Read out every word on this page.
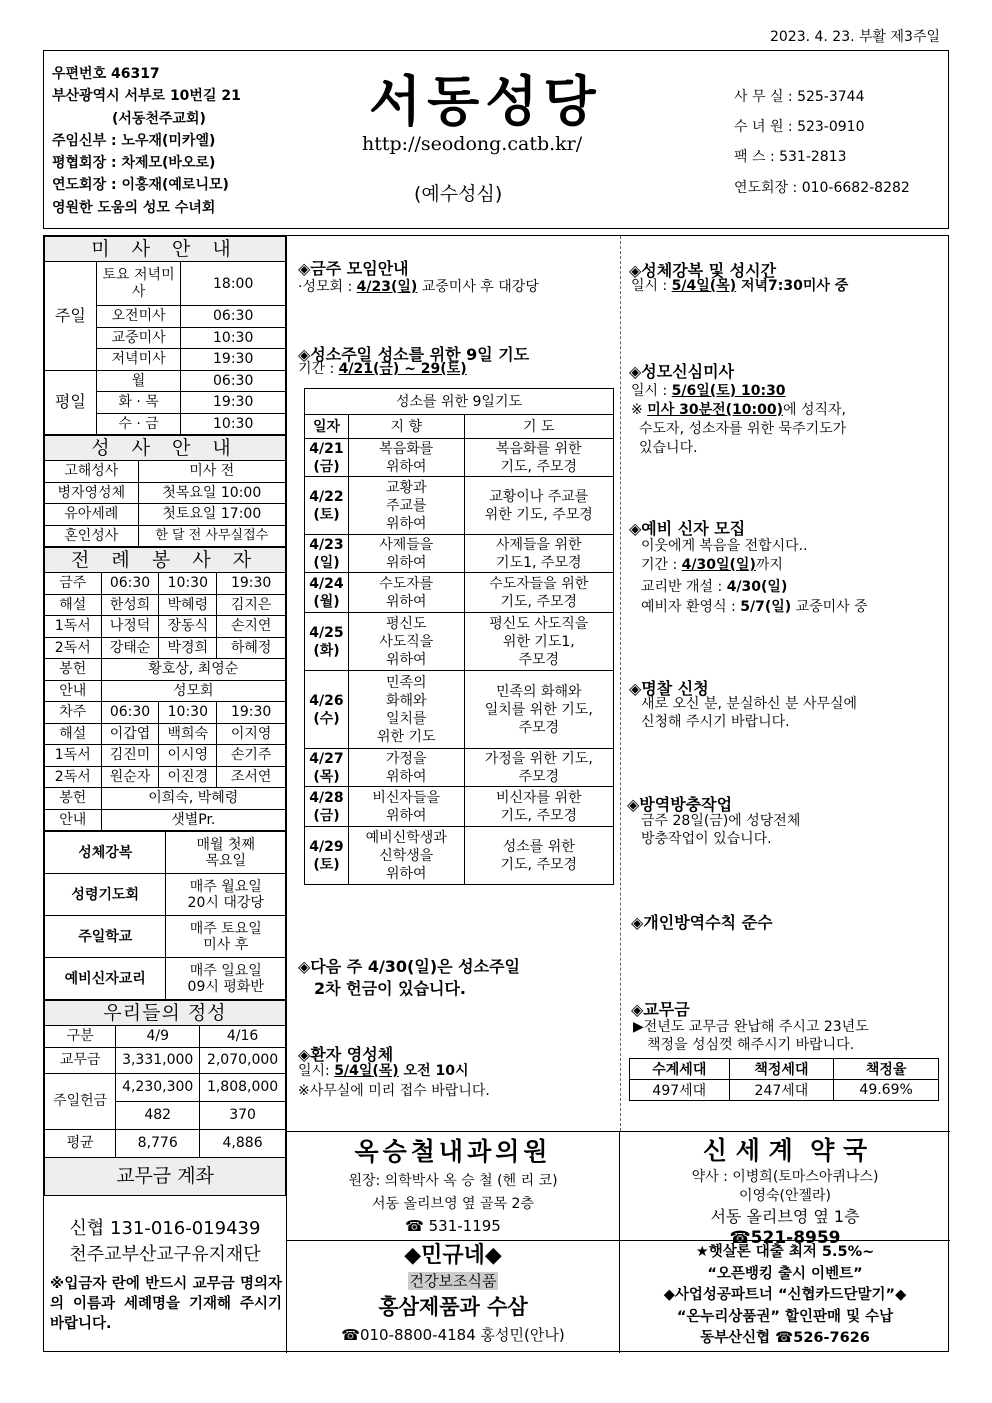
2023. 4. 23. 부활 제3주일
우편번호 46317
부산광역시 서부로 10번길 21
(서동천주교회)
주임신부 : 노우재(미카엘)
평협회장 : 차제모(바오로)
연도회장 : 이홍재(예로니모)
영원한 도움의 성모 수녀회
서동성당
http://seodong.catb.kr/
(예수성심)
사 무 실 : 525-3744
수 녀 원 : 523-0910
팩 스 : 531-2813
연도회장 : 010-6682-8282
미 사 안 내		
주일	토요 저녁미사	18:00
	오전미사	06:30
	교중미사	10:30
	저녁미사	19:30
평일	월	06:30
	화 · 목	19:30
	수 · 금	10:30
성 사 안 내	
고해성사	미사 전
병자영성체	첫목요일 10:00
유아세례	첫토요일 17:00
혼인성사	한 달 전 사무실접수
전 례 봉 사 자			
금주	06:30	10:30	19:30
해설	한성희	박혜령	김지은
1독서	나정덕	장동식	손지연
2독서	강태순	박경희	하혜정
봉헌	황호상, 최영순		
안내	성모회		
차주	06:30	10:30	19:30
해설	이갑엽	백희숙	이지영
1독서	김진미	이시영	손기주
2독서	원순자	이진경	조서연
봉헌	이희숙, 박혜령		
안내	샛별Pr.		
성체강복	매월 첫째
목요일

성령기도회	매주 월요일
20시 대강당

주일학교	매주 토요일
미사 후

예비신자교리	매주 일요일
09시 평화반
우리들의 정성		
구분	4/9	4/16
교무금	3,331,000	2,070,000
주일헌금	4,230,300	1,808,000
	482	370
평균	8,776	4,886
교무금 계좌		
신협 131-016-019439
천주교부산교구유지재단
※입금자 란에 반드시 교무금 명의자의 이름과 세례명을 기재해 주시기 바랍니다.
◈금주 모임안내
·성모회 : 4/23(일) 교중미사 후 대강당
◈성소주일 성소를 위한 9일 기도
기간 : 4/21(금) ~ 29(토)
성소를 위한 9일기도		
일자	지 향	기 도
4/21
(금)	복음화를
위하여	복음화를 위한
기도, 주모경
4/22
(토)	교황과
주교를
위하여	교황이나 주교를
위한 기도, 주모경
4/23
(일)	사제들을
위하여	사제들을 위한
기도1, 주모경
4/24
(월)	수도자를
위하여	수도자들을 위한
기도, 주모경
4/25
(화)	평신도
사도직을
위하여	평신도 사도직을
위한 기도1,
주모경
4/26
(수)	민족의
화해와
일치를
위한 기도	민족의 화해와
일치를 위한 기도,
주모경
4/27
(목)	가정을
위하여	가정을 위한 기도,
주모경
4/28
(금)	비신자들을
위하여	비신자를 위한
기도, 주모경
4/29
(토)	예비신학생과
신학생을
위하여	성소를 위한
기도, 주모경
◈다음 주 4/30(일)은 성소주일
2차 헌금이 있습니다.
◈환자 영성체
일시: 5/4일(목) 오전 10시
※사무실에 미리 접수 바랍니다.
◈성체강복 및 성시간
일시 : 5/4일(목) 저녁7:30미사 중
◈성모신심미사
일시 : 5/6일(토) 10:30
※ 미사 30분전(10:00)에 성직자,
수도자, 성소자를 위한 묵주기도가
있습니다.
◈예비 신자 모집
이웃에게 복음을 전합시다..
기간 : 4/30일(일)까지
교리반 개설 : 4/30(일)
예비자 환영식 : 5/7(일) 교중미사 중
◈명찰 신청
새로 오신 분, 분실하신 분 사무실에
신청해 주시기 바랍니다.
◈방역방충작업
금주 28일(금)에 성당전체
방충작업이 있습니다.
◈개인방역수칙 준수
◈교무금
▶전년도 교무금 완납해 주시고 23년도
책정을 성심껏 해주시기 바랍니다.
수계세대	책정세대	책정율
497세대	247세대	49.69%
옥승철내과의원
원장: 의학박사 옥 승 철 (헨 리 코)
서동 올리브영 옆 골목 2층
☎ 531-1195
신 세 계  약 국
약사 : 이병희(토마스아퀴나스)
이영숙(안젤라)
서동 올리브영 옆 1층
☎521-8959
◆민규네◆
건강보조식품
홍삼제품과 수삼
☎010-8800-4184 홍성민(안나)
★햇살론 대출 최저 5.5%~
“오픈뱅킹 출시 이벤트”
◆사업성공파트너 “신협카드단말기”◆
“온누리상품권” 할인판매 및 수납
동부산신협 ☎526-7626
